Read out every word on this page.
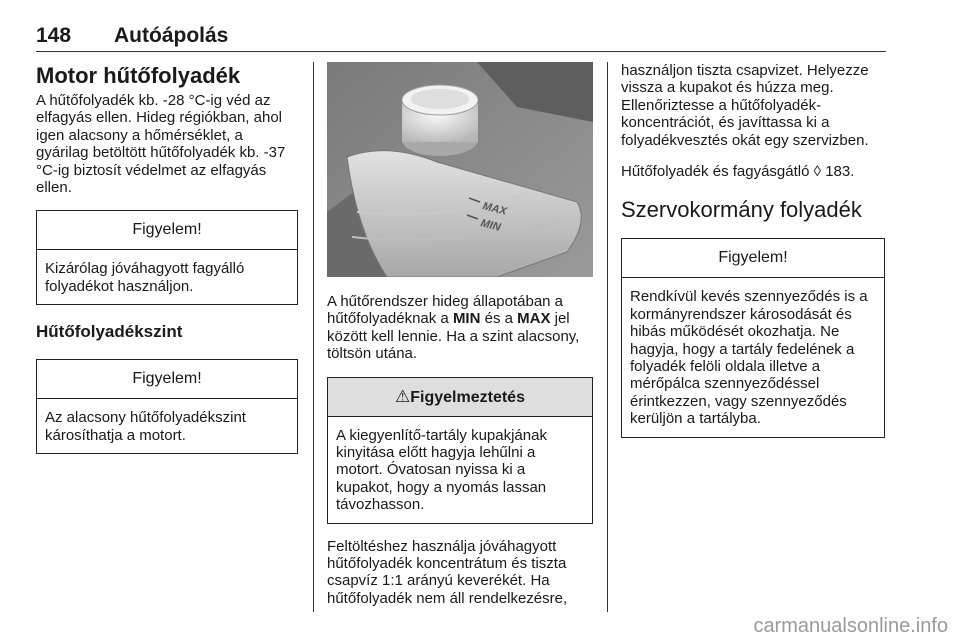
148 Autóápolás
Motor hűtőfolyadék

A hűtőfolyadék kb. -28 °C-ig véd az elfagyás ellen. Hideg régiókban, ahol igen alacsony a hőmérséklet, a gyárilag betöltött hűtőfolyadék kb. -37 °C-ig biztosít védelmet az elfagyás ellen.

Figyelem!
Kizárólag jóváhagyott fagyálló folyadékot használjon.
Hűtőfolyadékszint
Figyelem!
Az alacsony hűtőfolyadékszint károsíthatja a motort.
MAX
MIN

A hűtőrendszer hideg állapotában a hűtőfolyadéknak a MIN és a MAX jel között kell lennie. Ha a szint alacsony, töltsön utána.

⚠Figyelmeztetés
A kiegyenlítő-tartály kupakjának kinyitása előtt hagyja lehűlni a motort. Óvatosan nyissa ki a kupakot, hogy a nyomás lassan távozhasson.

Feltöltéshez használja jóváhagyott hűtőfolyadék koncentrátum és tiszta csapvíz 1:1 arányú keverékét. Ha hűtőfolyadék nem áll rendelkezésre,

használjon tiszta csapvizet. Helyezze vissza a kupakot és húzza meg. Ellenőriztesse a hűtőfolyadék-koncentrációt, és javíttassa ki a folyadékvesztés okát egy szervizben.

Hűtőfolyadék és fagyásgátló ◊ 183.

Szervokormány folyadék
Figyelem!
Rendkívül kevés szennyeződés is a kormányrendszer károsodását és hibás működését okozhatja. Ne hagyja, hogy a tartály fedelének a folyadék felöli oldala illetve a mérőpálca szennyeződéssel érintkezzen, vagy szennyeződés kerüljön a tartályba.
carmanualsonline.info
